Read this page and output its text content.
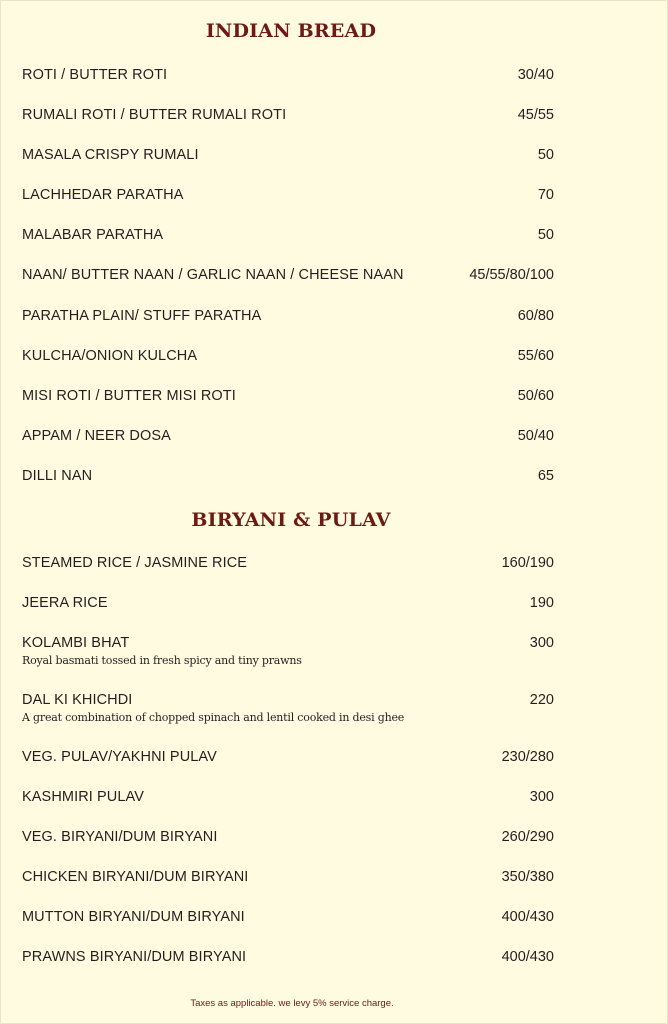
INDIAN BREAD
ROTI / BUTTER ROTI	30/40
RUMALI ROTI / BUTTER RUMALI ROTI	45/55
MASALA CRISPY RUMALI	50
LACHHEDAR PARATHA	70
MALABAR PARATHA	50
NAAN/ BUTTER NAAN / GARLIC NAAN / CHEESE NAAN	45/55/80/100
PARATHA PLAIN/ STUFF PARATHA	60/80
KULCHA/ONION KULCHA	55/60
MISI ROTI / BUTTER MISI ROTI	50/60
APPAM / NEER DOSA	50/40
DILLI NAN	65
BIRYANI & PULAV
STEAMED RICE / JASMINE RICE	160/190
JEERA RICE	190
KOLAMBI BHAT	300
Royal basmati tossed in fresh spicy and tiny prawns
DAL KI KHICHDI	220
A great combination of chopped spinach and lentil cooked in desi ghee
VEG. PULAV/YAKHNI PULAV	230/280
KASHMIRI PULAV	300
VEG. BIRYANI/DUM BIRYANI	260/290
CHICKEN BIRYANI/DUM BIRYANI	350/380
MUTTON BIRYANI/DUM BIRYANI	400/430
PRAWNS BIRYANI/DUM BIRYANI	400/430
Taxes as applicable. we levy 5% service charge.
